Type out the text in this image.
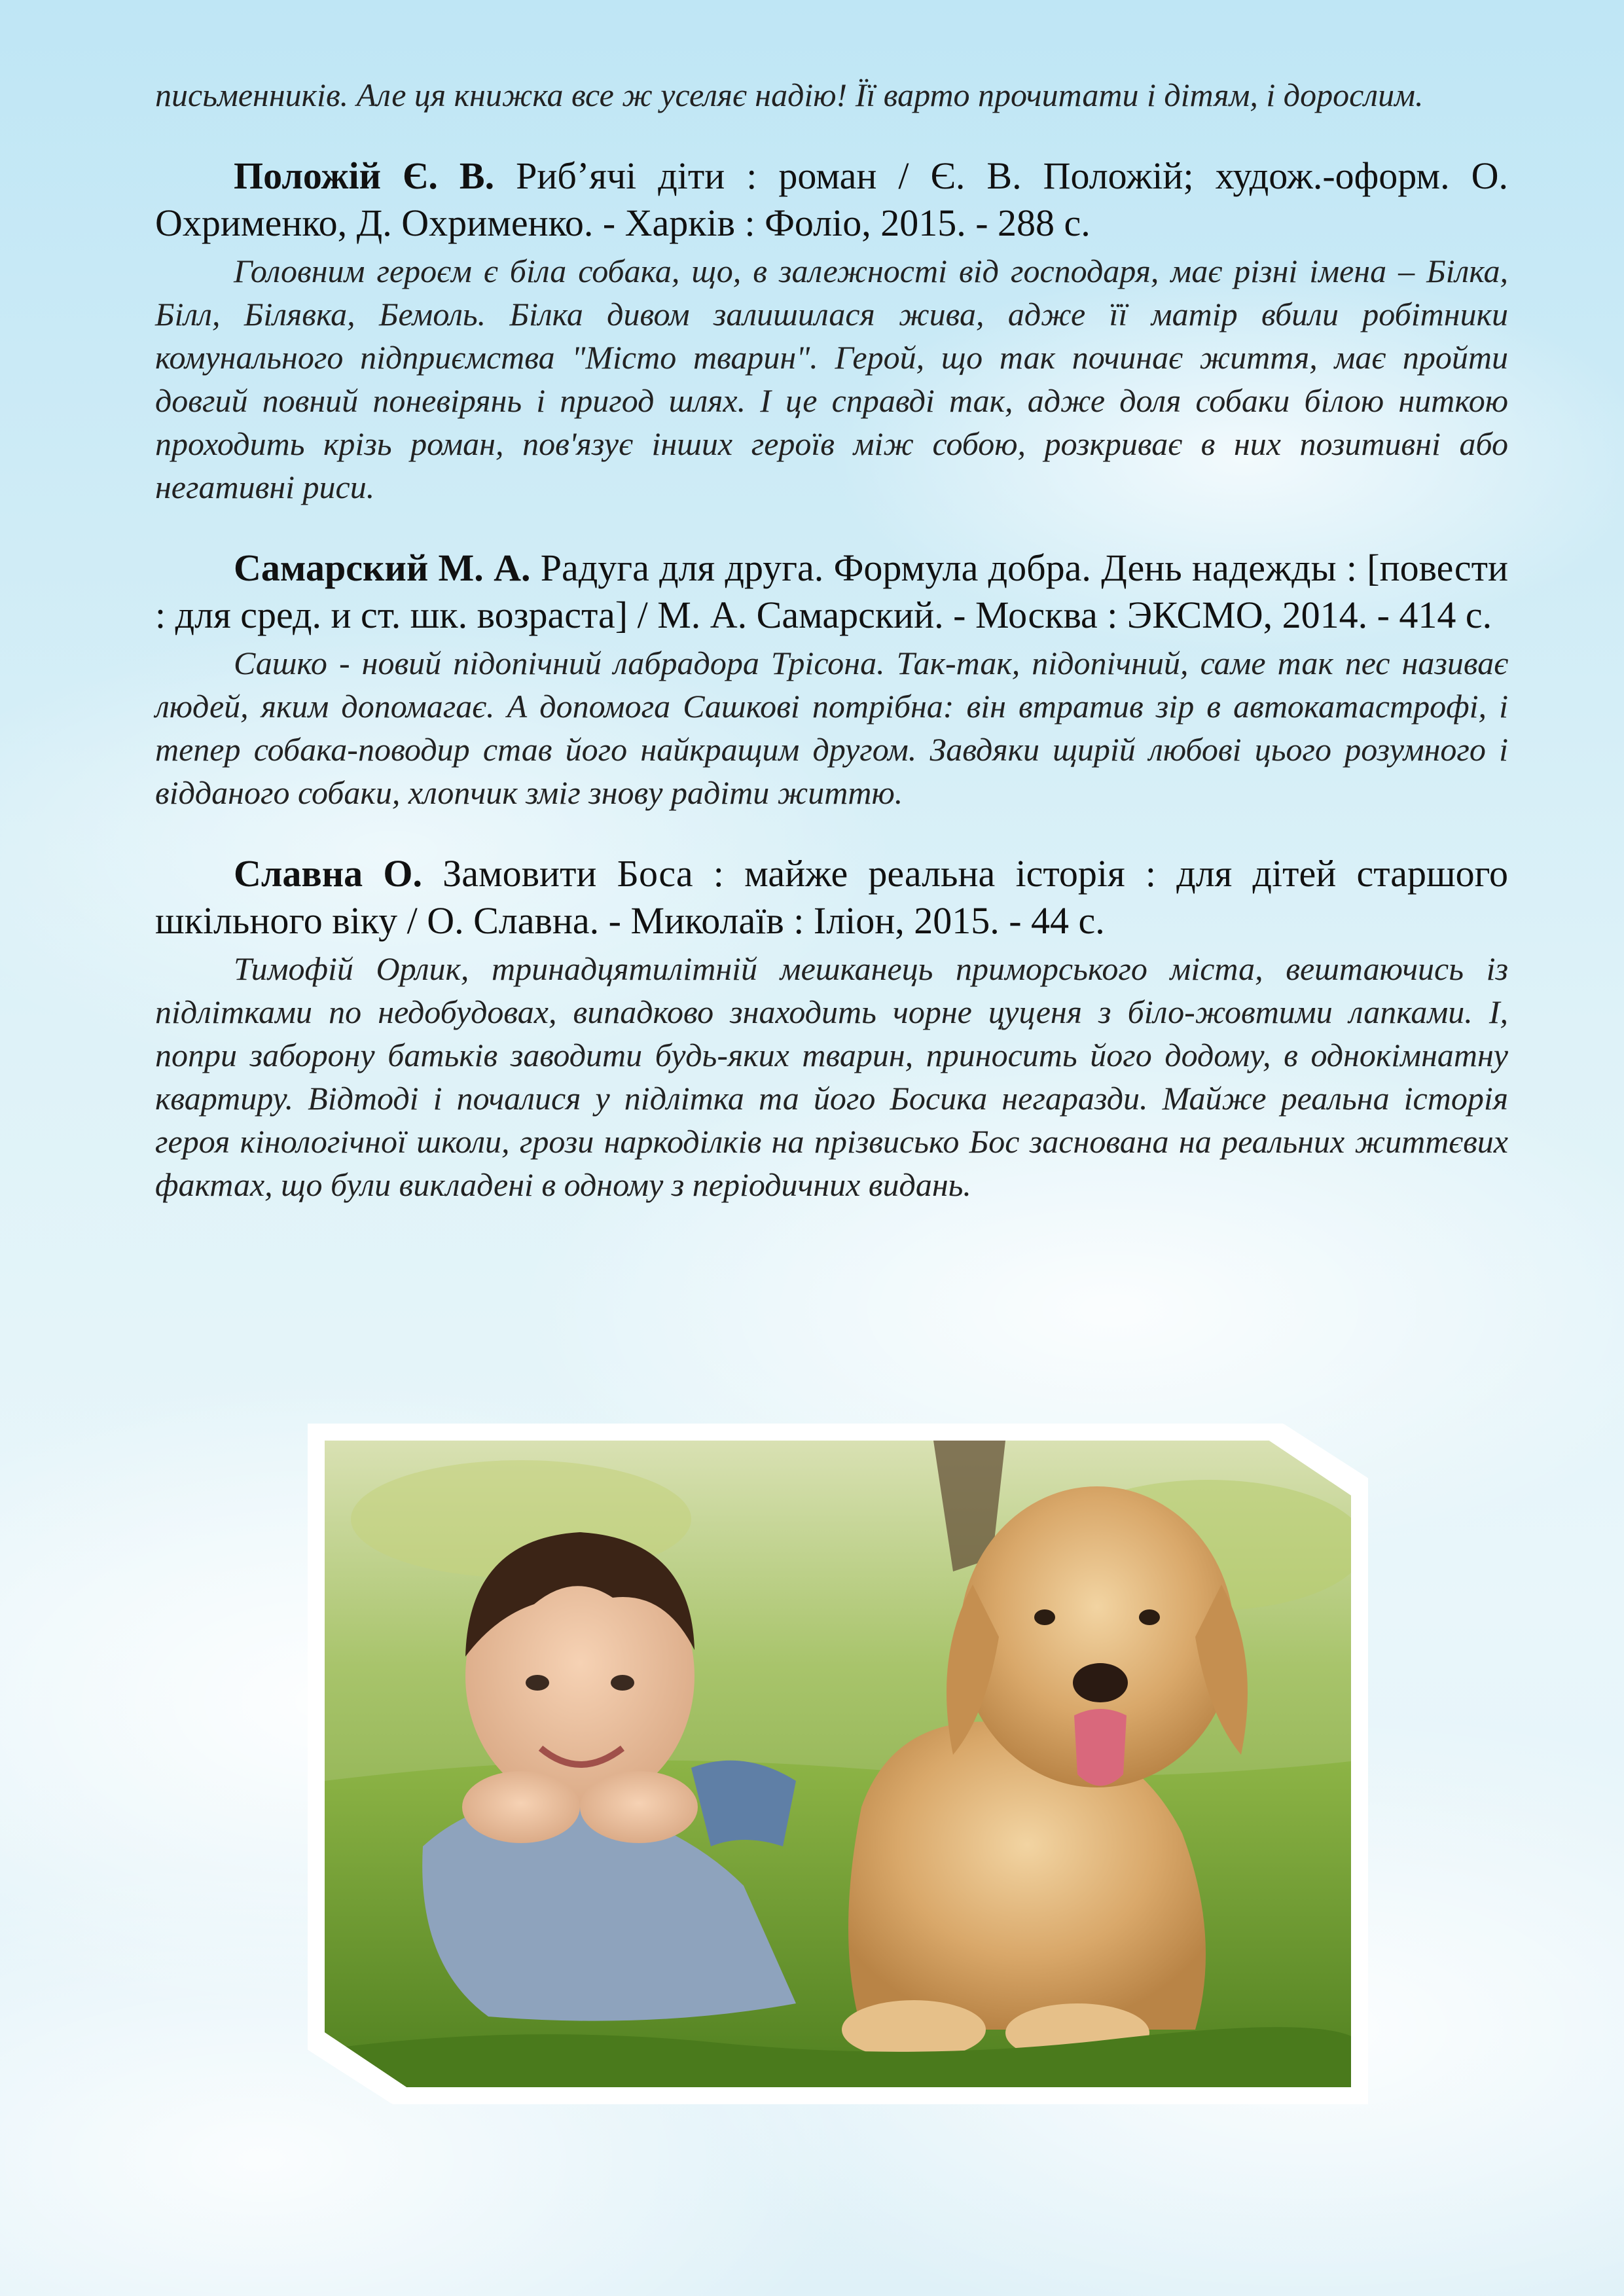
письменників. Але ця книжка все ж уселяє надію! Її варто прочитати і дітям, і дорослим.

Положій Є. В. Риб’ячі діти : роман / Є. В. Положій; худож.-оформ. О. Охрименко, Д. Охрименко. - Харків : Фоліо, 2015. - 288 с.

Головним героєм є біла собака, що, в залежності від господаря, має різні імена – Білка, Білл, Білявка, Бемоль. Білка дивом залишилася жива, адже її матір вбили робітники комунального підприємства "Місто тварин". Герой, що так починає життя, має пройти довгий повний поневірянь і пригод шлях. І це справді так, адже доля собаки білою ниткою проходить крізь роман, пов'язує інших героїв між собою, розкриває в них позитивні або негативні риси.

Самарский М. А. Радуга для друга. Формула добра. День надежды : [повести : для сред. и ст. шк. возраста] / М. А. Самарский. - Москва : ЭКСМО, 2014. - 414 с.

Сашко - новий підопічний лабрадора Трісона. Так-так, підопічний, саме так пес називає людей, яким допомагає. А допомога Сашкові потрібна: він втратив зір в автокатастрофі, і тепер собака-поводир став його найкращим другом. Завдяки щирій любові цього розумного і відданого собаки, хлопчик зміг знову радіти життю.

Славна О. Замовити Боса : майже реальна історія : для дітей старшого шкільного віку / О. Славна. - Миколаїв : Іліон, 2015. - 44 с.

Тимофій Орлик, тринадцятилітній мешканець приморського міста, вештаючись із підлітками по недобудовах, випадково знаходить чорне цуценя з біло-жовтими лапками. І, попри заборону батьків заводити будь-яких тварин, приносить його додому, в однокімнатну квартиру. Відтоді і почалися у підлітка та його Босика негаразди. Майже реальна історія героя кінологічної школи, грози наркоділків на прізвисько Бос заснована на реальних життєвих фактах, що були викладені в одному з періодичних видань.
